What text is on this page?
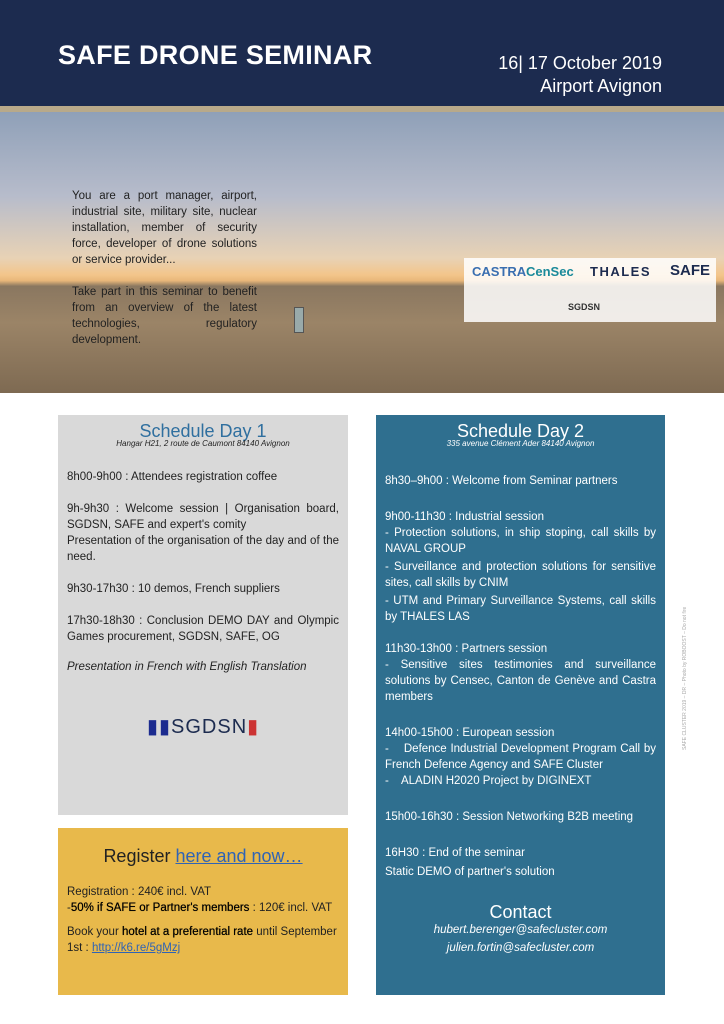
SAFE DRONE SEMINAR	16| 17 October 2019
Airport Avignon
CASTRA CenSec THALES SAFE
SGDSN

You are a port manager, airport, industrial site, military site, nuclear installation, member of security force, developer of drone solutions or service provider...

Take part in this seminar to benefit from an overview of the latest technologies, regulatory development.

Schedule Day 1
Hangar H21, 2 route de Caumont 84140 Avignon
8h00-9h00 : Attendees registration coffee
9h-9h30 : Welcome session | Organisation board, SGDSN, SAFE and expert's comity
Presentation of the organisation of the day and of the need.
9h30-17h30 : 10 demos, French suppliers
17h30-18h30 : Conclusion DEMO DAY and Olympic Games procurement, SGDSN, SAFE, OG
Presentation in French with English Translation
▮▮SGDSN▮
Register here and now…
Registration : 240€ incl. VAT
-50% if SAFE or Partner's members : 120€ incl. VAT
Book your hotel at a preferential rate until September 1st : http://k6.re/5gMzj
Schedule Day 2
335 avenue Clément Ader 84140 Avignon
8h30–9h00 : Welcome from Seminar partners
9h00-11h30 : Industrial session
- Protection solutions, in ship stoping, call skills by NAVAL GROUP
- Surveillance and protection solutions for sensitive sites, call skills by CNIM
- UTM and Primary Surveillance Systems, call skills by THALES LAS
11h30-13h00 : Partners session
- Sensitive sites testimonies and surveillance solutions by Censec, Canton de Genève and Castra members
14h00-15h00 : European session
-    Defence Industrial Development Program Call by French Defence Agency and SAFE Cluster
-    ALADIN H2020 Project by DIGINEXT
15h00-16h30 : Session Networking B2B meeting
16H30 : End of the seminar
Static DEMO of partner's solution
Contact
hubert.berenger@safecluster.com
julien.fortin@safecluster.com
SAFE CLUSTER 2019 – DR – Photo by ROBOOST – Do not fire
